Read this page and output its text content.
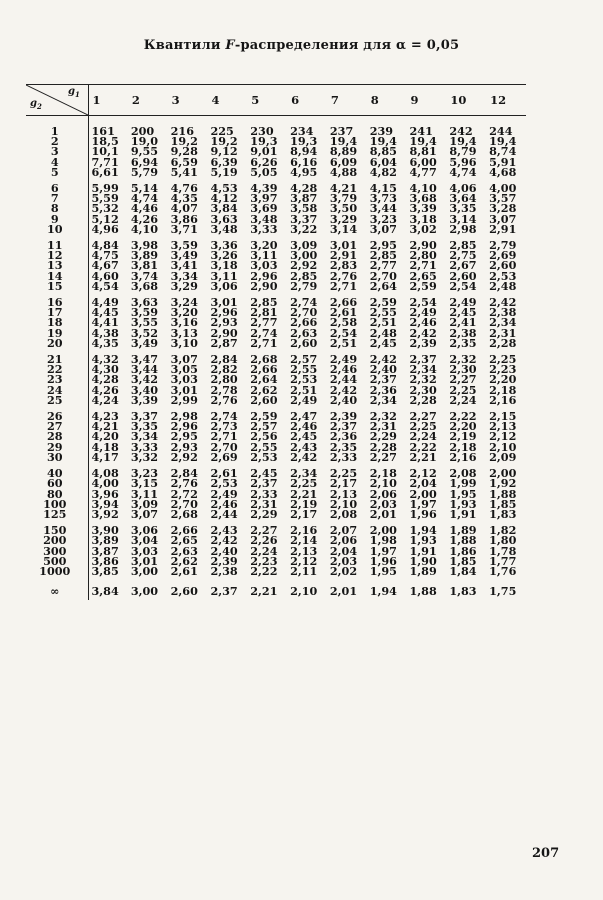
Квантили F-распределения для α = 0,05
$g_1$
$g_2$	1	2	3	4	5	6	7	8	9	10	12
1	161	200	216	225	230	234	237	239	241	242	244
2	18,5	19,0	19,2	19,2	19,3	19,3	19,4	19,4	19,4	19,4	19,4
3	10,1	9,55	9,28	9,12	9,01	8,94	8,89	8,85	8,81	8,79	8,74
4	7,71	6,94	6,59	6,39	6,26	6,16	6,09	6,04	6,00	5,96	5,91
5	6,61	5,79	5,41	5,19	5,05	4,95	4,88	4,82	4,77	4,74	4,68
6	5,99	5,14	4,76	4,53	4,39	4,28	4,21	4,15	4,10	4,06	4,00
7	5,59	4,74	4,35	4,12	3,97	3,87	3,79	3,73	3,68	3,64	3,57
8	5,32	4,46	4,07	3,84	3,69	3,58	3,50	3,44	3,39	3,35	3,28
9	5,12	4,26	3,86	3,63	3,48	3,37	3,29	3,23	3,18	3,14	3,07
10	4,96	4,10	3,71	3,48	3,33	3,22	3,14	3,07	3,02	2,98	2,91
11	4,84	3,98	3,59	3,36	3,20	3,09	3,01	2,95	2,90	2,85	2,79
12	4,75	3,89	3,49	3,26	3,11	3,00	2,91	2,85	2,80	2,75	2,69
13	4,67	3,81	3,41	3,18	3,03	2,92	2,83	2,77	2,71	2,67	2,60
14	4,60	3,74	3,34	3,11	2,96	2,85	2,76	2,70	2,65	2,60	2,53
15	4,54	3,68	3,29	3,06	2,90	2,79	2,71	2,64	2,59	2,54	2,48
16	4,49	3,63	3,24	3,01	2,85	2,74	2,66	2,59	2,54	2,49	2,42
17	4,45	3,59	3,20	2,96	2,81	2,70	2,61	2,55	2,49	2,45	2,38
18	4,41	3,55	3,16	2,93	2,77	2,66	2,58	2,51	2,46	2,41	2,34
19	4,38	3,52	3,13	2,90	2,74	2,63	2,54	2,48	2,42	2,38	2,31
20	4,35	3,49	3,10	2,87	2,71	2,60	2,51	2,45	2,39	2,35	2,28
21	4,32	3,47	3,07	2,84	2,68	2,57	2,49	2,42	2,37	2,32	2,25
22	4,30	3,44	3,05	2,82	2,66	2,55	2,46	2,40	2,34	2,30	2,23
23	4,28	3,42	3,03	2,80	2,64	2,53	2,44	2,37	2,32	2,27	2,20
24	4,26	3,40	3,01	2,78	2,62	2,51	2,42	2,36	2,30	2,25	2,18
25	4,24	3,39	2,99	2,76	2,60	2,49	2,40	2,34	2,28	2,24	2,16
26	4,23	3,37	2,98	2,74	2,59	2,47	2,39	2,32	2,27	2,22	2,15
27	4,21	3,35	2,96	2,73	2,57	2,46	2,37	2,31	2,25	2,20	2,13
28	4,20	3,34	2,95	2,71	2,56	2,45	2,36	2,29	2,24	2,19	2,12
29	4,18	3,33	2,93	2,70	2,55	2,43	2,35	2,28	2,22	2,18	2,10
30	4,17	3,32	2,92	2,69	2,53	2,42	2,33	2,27	2,21	2,16	2,09
40	4,08	3,23	2,84	2,61	2,45	2,34	2,25	2,18	2,12	2,08	2,00
60	4,00	3,15	2,76	2,53	2,37	2,25	2,17	2,10	2,04	1,99	1,92
80	3,96	3,11	2,72	2,49	2,33	2,21	2,13	2,06	2,00	1,95	1,88
100	3,94	3,09	2,70	2,46	2,31	2,19	2,10	2,03	1,97	1,93	1,85
125	3,92	3,07	2,68	2,44	2,29	2,17	2,08	2,01	1,96	1,91	1,83
150	3,90	3,06	2,66	2,43	2,27	2,16	2,07	2,00	1,94	1,89	1,82
200	3,89	3,04	2,65	2,42	2,26	2,14	2,06	1,98	1,93	1,88	1,80
300	3,87	3,03	2,63	2,40	2,24	2,13	2,04	1,97	1,91	1,86	1,78
500	3,86	3,01	2,62	2,39	2,23	2,12	2,03	1,96	1,90	1,85	1,77
1000	3,85	3,00	2,61	2,38	2,22	2,11	2,02	1,95	1,89	1,84	1,76
∞	3,84	3,00	2,60	2,37	2,21	2,10	2,01	1,94	1,88	1,83	1,75
207
